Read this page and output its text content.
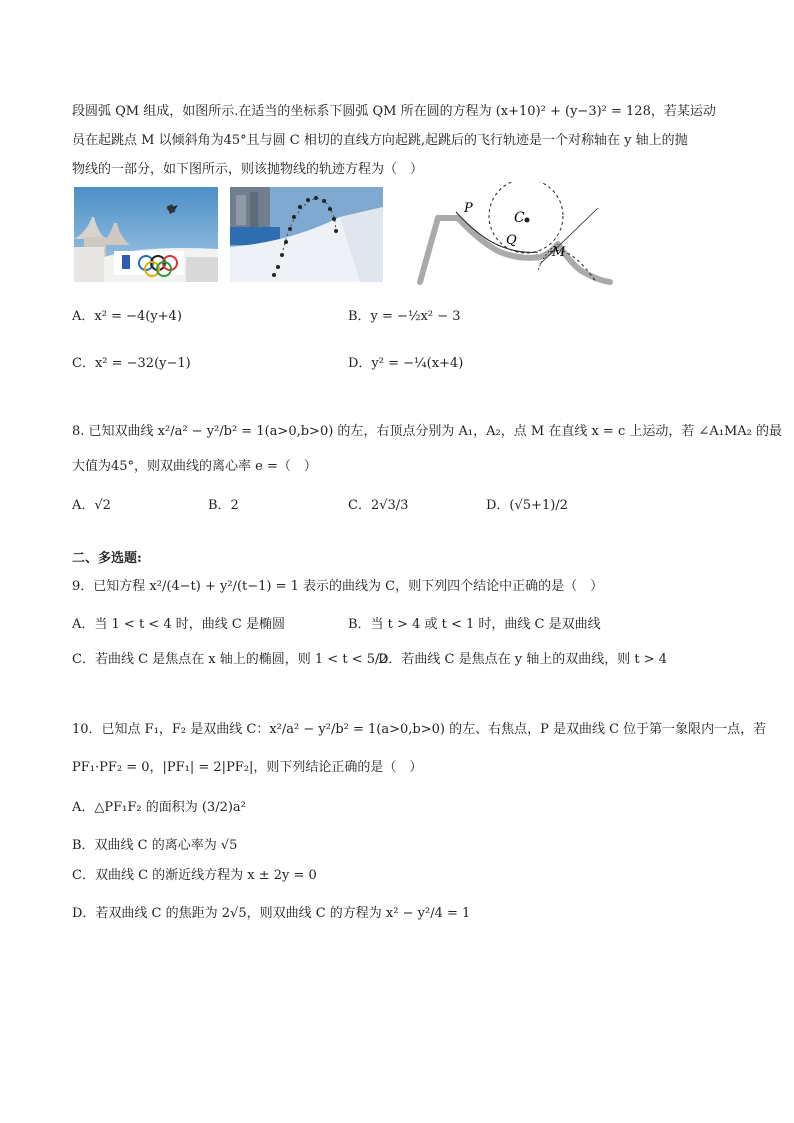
段圆弧 QM 组成，如图所示.在适当的坐标系下圆弧 QM 所在圆的方程为 (x+10)² + (y−3)² = 128，若某运动
员在起跳点 M 以倾斜角为45°且与圆 C 相切的直线方向起跳,起跳后的飞行轨迹是一个对称轴在 y 轴上的抛
物线的一部分，如下图所示，则该抛物线的轨迹方程为（　）
P
C
Q
M
A．x² = −4(y+4)	B．y = −½x² − 3
C．x² = −32(y−1)	D．y² = −¼(x+4)
8. 已知双曲线 x²/a² − y²/b² = 1(a>0,b>0) 的左，右顶点分别为 A₁，A₂，点 M 在直线 x = c 上运动，若 ∠A₁MA₂ 的最
大值为45°，则双曲线的离心率 e =（　）
A．√2	B．2	C．2√3/3	D．(√5+1)/2
二、多选题:
9．已知方程 x²/(4−t) + y²/(t−1) = 1 表示的曲线为 C，则下列四个结论中正确的是（　）
A．当 1 < t < 4 时，曲线 C 是椭圆	B．当 t > 4 或 t < 1 时，曲线 C 是双曲线
C．若曲线 C 是焦点在 x 轴上的椭圆，则 1 < t < 5/2
D．若曲线 C 是焦点在 y 轴上的双曲线，则 t > 4
10．已知点 F₁，F₂ 是双曲线 C：x²/a² − y²/b² = 1(a>0,b>0) 的左、右焦点，P 是双曲线 C 位于第一象限内一点，若
PF₁·PF₂ = 0，|PF₁| = 2|PF₂|，则下列结论正确的是（　）
A．△PF₁F₂ 的面积为 (3/2)a²
B．双曲线 C 的离心率为 √5
C．双曲线 C 的渐近线方程为 x ± 2y = 0
D．若双曲线 C 的焦距为 2√5，则双曲线 C 的方程为 x² − y²/4 = 1
